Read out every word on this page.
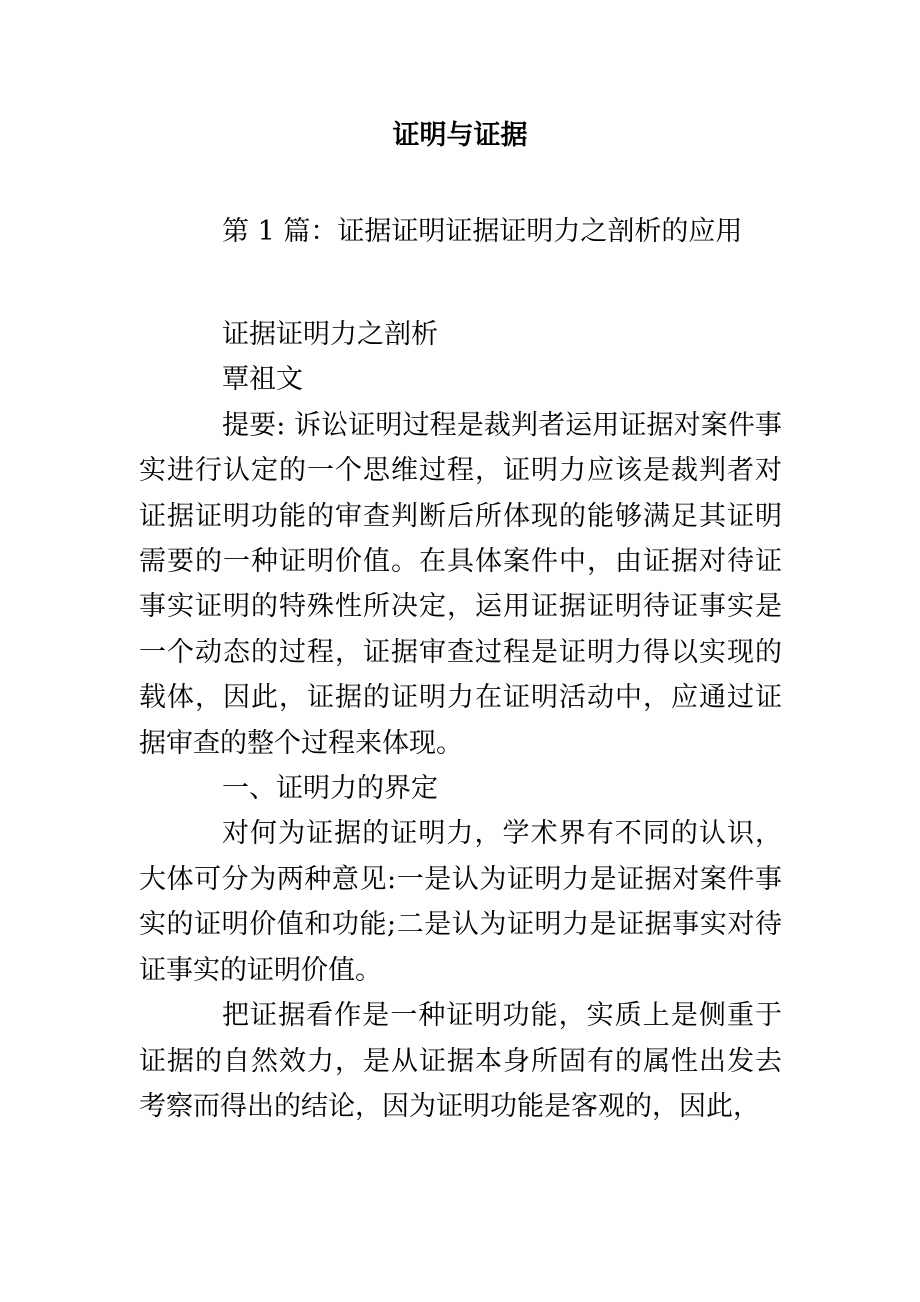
证明与证据
第 1 篇：证据证明证据证明力之剖析的应用

证据证明力之剖析

覃祖文

提要: 诉讼证明过程是裁判者运用证据对案件事实进行认定的一个思维过程，证明力应该是裁判者对证据证明功能的审查判断后所体现的能够满足其证明需要的一种证明价值。在具体案件中，由证据对待证事实证明的特殊性所决定，运用证据证明待证事实是一个动态的过程，证据审查过程是证明力得以实现的载体，因此，证据的证明力在证明活动中，应通过证据审查的整个过程来体现。

一、证明力的界定

对何为证据的证明力，学术界有不同的认识，大体可分为两种意见:一是认为证明力是证据对案件事实的证明价值和功能;二是认为证明力是证据事实对待证事实的证明价值。

把证据看作是一种证明功能，实质上是侧重于证据的自然效力，是从证据本身所固有的属性出发去考察而得出的结论，因为证明功能是客观的，因此，
